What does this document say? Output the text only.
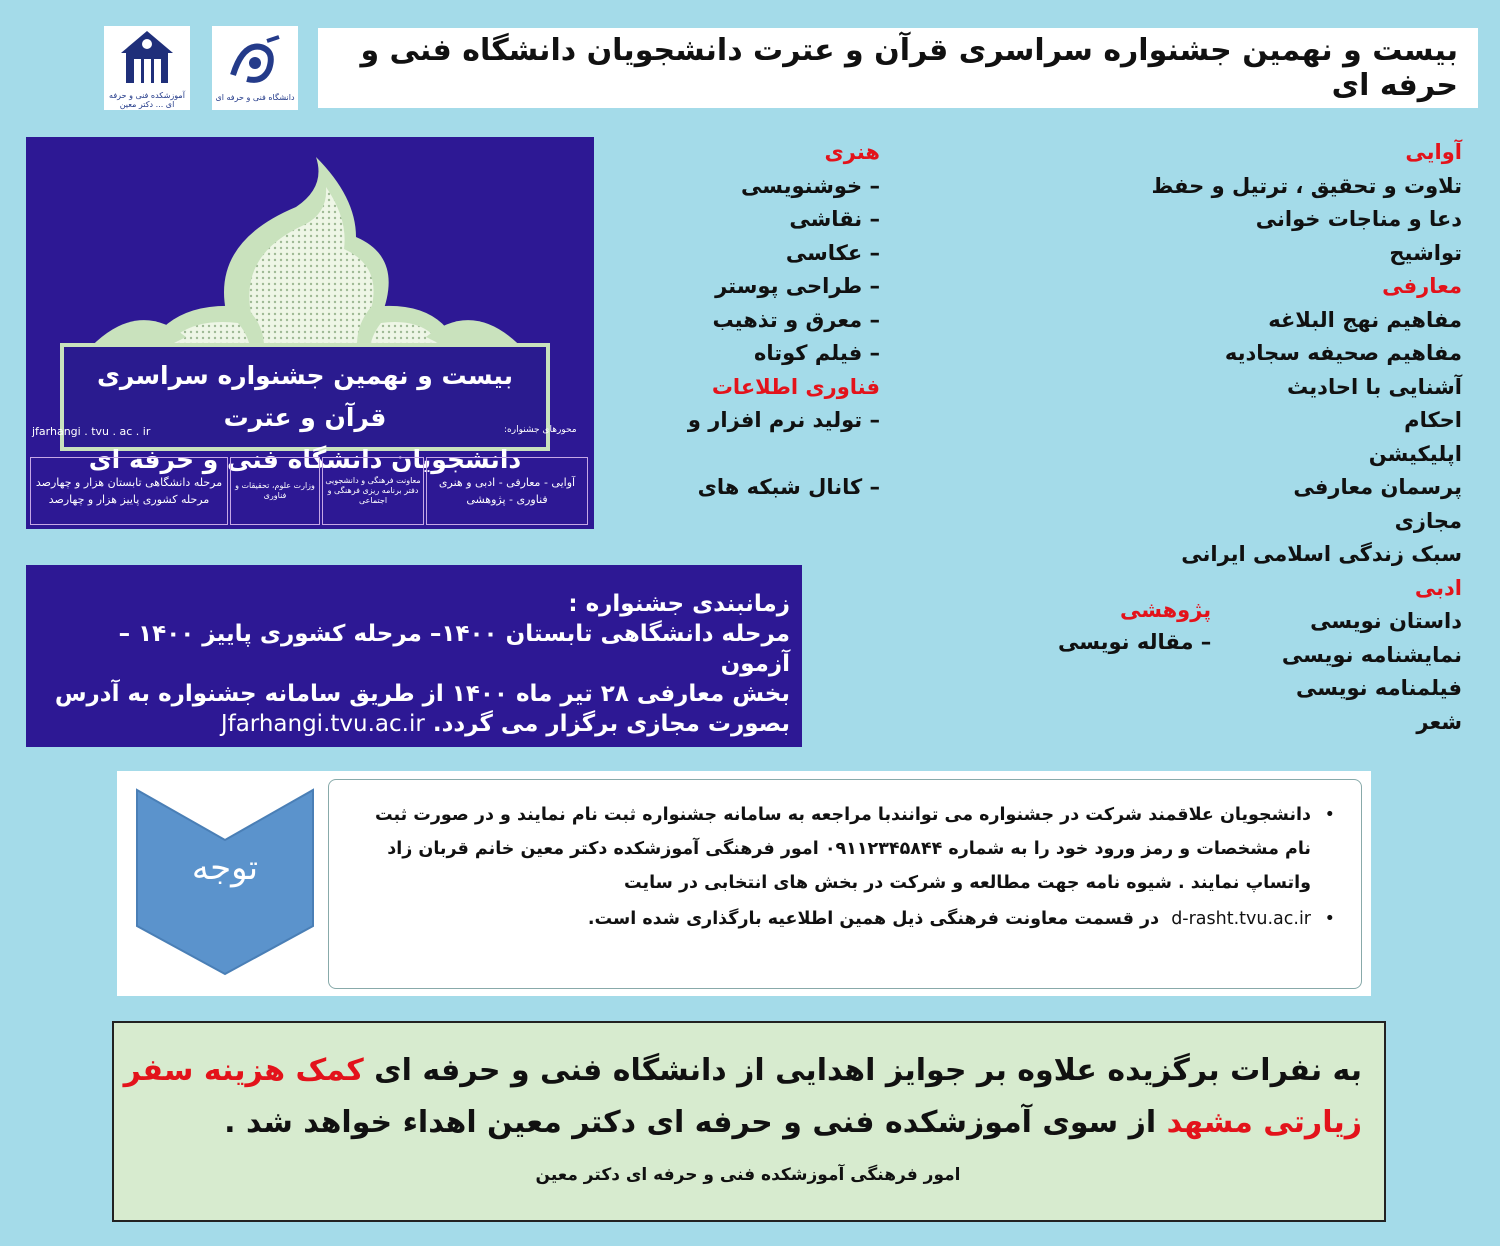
آموزشکده فنی و حرفه ای ... دکتر معین
دانشگاه فنی و حرفه ای
بیست و نهمین جشنواره سراسری قرآن و عترت دانشجویان دانشگاه فنی و حرفه ای
بیست و نهمین جشنواره سراسری قرآن و عترت
دانشجویان دانشگاه فنی و حرفه ای
jfarhangi . tvu . ac . ir	محورهای جشنواره:
آوایی - معارفی - ادبی و هنری
فناوری - پژوهشی
معاونت فرهنگی و دانشجویی
دفتر برنامه ریزی فرهنگی و اجتماعی
وزارت علوم، تحقیقات و فناوری
مرحله دانشگاهی تابستان هزار و چهارصد
مرحله کشوری پاییز هزار و چهارصد
آوایی
تلاوت و تحقیق ، ترتیل و حفظ
دعا و مناجات خوانی
تواشیح
معارفی
مفاهیم نهج البلاغه
مفاهیم صحیفه سجادیه
آشنایی با احادیث
احکام
اپلیکیشن
پرسمان معارفی
مجازی
سبک زندگی اسلامی ایرانی
ادبی
داستان نویسی
نمایشنامه نویسی
فیلمنامه نویسی
شعر
هنری
– خوشنویسی
– نقاشی
– عکاسی
– طراحی پوستر
– معرق و تذهیب
– فیلم کوتاه
فناوری اطلاعات
– تولید نرم افزار و
– کانال شبکه های
پژوهشی
– مقاله نویسی
زمانبندی جشنواره :
مرحله دانشگاهی تابستان ۱۴۰۰– مرحله کشوری پاییز ۱۴۰۰ – آزمون
بخش معارفی ۲۸ تیر ماه ۱۴۰۰ از طریق سامانه جشنواره به آدرس
بصورت مجازی برگزار می گردد. Jfarhangi.tvu.ac.ir
توجه
•
دانشجویان علاقمند شرکت در جشنواره می توانندبا مراجعه به سامانه جشنواره ثبت نام نمایند و در صورت ثبت نام مشخصات و رمز ورود خود را به شماره ۰۹۱۱۲۳۴۵۸۴۴ امور فرهنگی آموزشکده دکتر معین خانم قربان زاد واتساپ نمایند . شیوه نامه جهت مطالعه و شرکت در بخش های انتخابی در سایت
•
d-rasht.tvu.ac.ir در قسمت معاونت فرهنگی ذیل همین اطلاعیه بارگذاری شده است.
به نفرات برگزیده علاوه بر جوایز اهدایی از دانشگاه فنی و حرفه ای کمک هزینه سفر
زیارتی مشهد از سوی آموزشکده فنی و حرفه ای دکتر معین اهداء خواهد شد .
امور فرهنگی آموزشکده فنی و حرفه ای دکتر معین
